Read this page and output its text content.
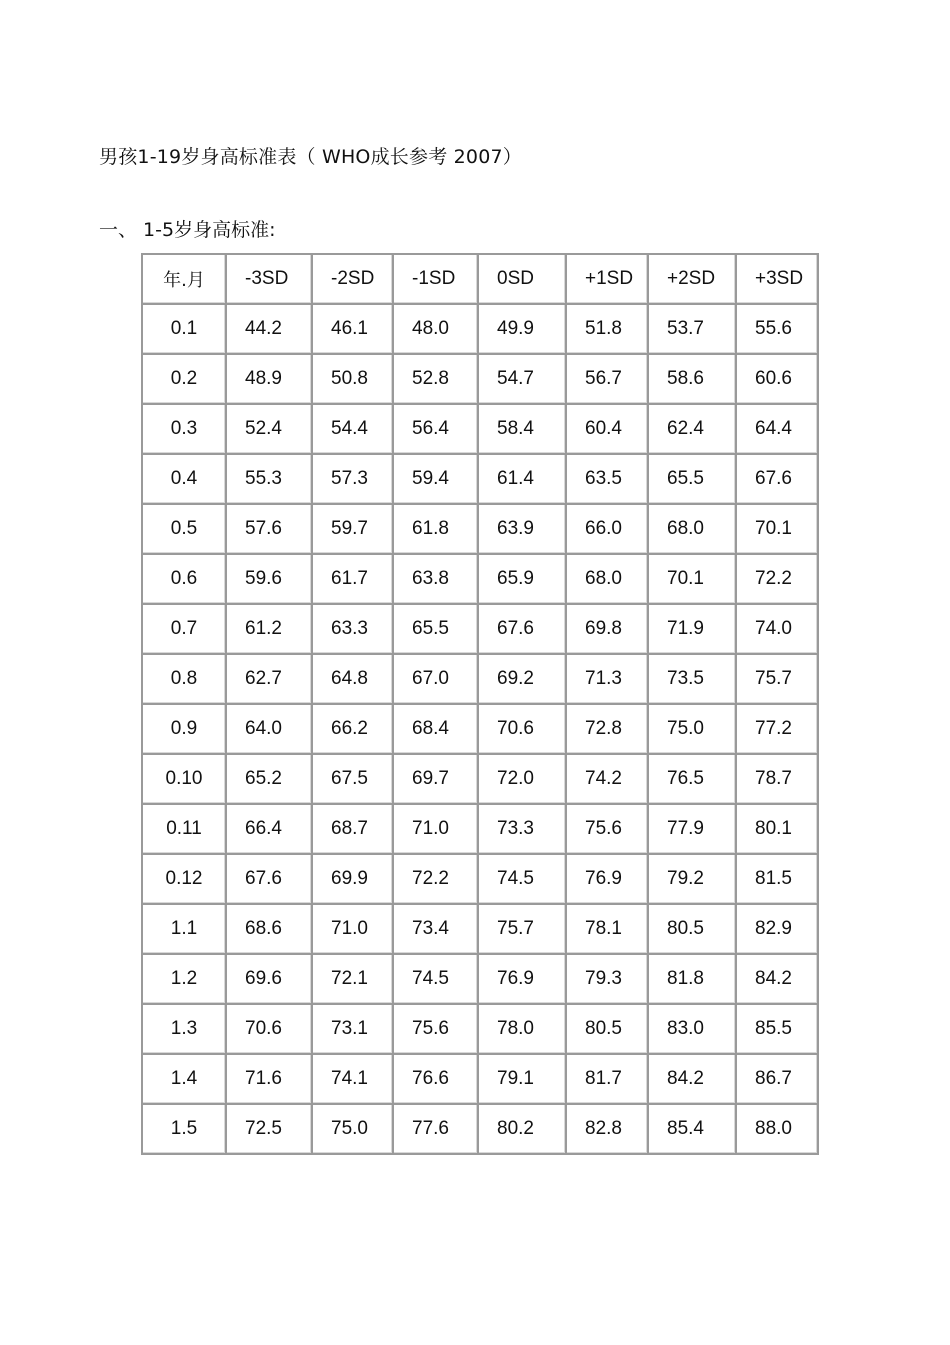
男孩1-19岁身高标准表（ WHO成长参考 2007）
一、 1-5岁身高标准:
年.月	-3SD	-2SD	-1SD	0SD	+1SD	+2SD	+3SD
0.1	44.2	46.1	48.0	49.9	51.8	53.7	55.6
0.2	48.9	50.8	52.8	54.7	56.7	58.6	60.6
0.3	52.4	54.4	56.4	58.4	60.4	62.4	64.4
0.4	55.3	57.3	59.4	61.4	63.5	65.5	67.6
0.5	57.6	59.7	61.8	63.9	66.0	68.0	70.1
0.6	59.6	61.7	63.8	65.9	68.0	70.1	72.2
0.7	61.2	63.3	65.5	67.6	69.8	71.9	74.0
0.8	62.7	64.8	67.0	69.2	71.3	73.5	75.7
0.9	64.0	66.2	68.4	70.6	72.8	75.0	77.2
0.10	65.2	67.5	69.7	72.0	74.2	76.5	78.7
0.11	66.4	68.7	71.0	73.3	75.6	77.9	80.1
0.12	67.6	69.9	72.2	74.5	76.9	79.2	81.5
1.1	68.6	71.0	73.4	75.7	78.1	80.5	82.9
1.2	69.6	72.1	74.5	76.9	79.3	81.8	84.2
1.3	70.6	73.1	75.6	78.0	80.5	83.0	85.5
1.4	71.6	74.1	76.6	79.1	81.7	84.2	86.7
1.5	72.5	75.0	77.6	80.2	82.8	85.4	88.0
